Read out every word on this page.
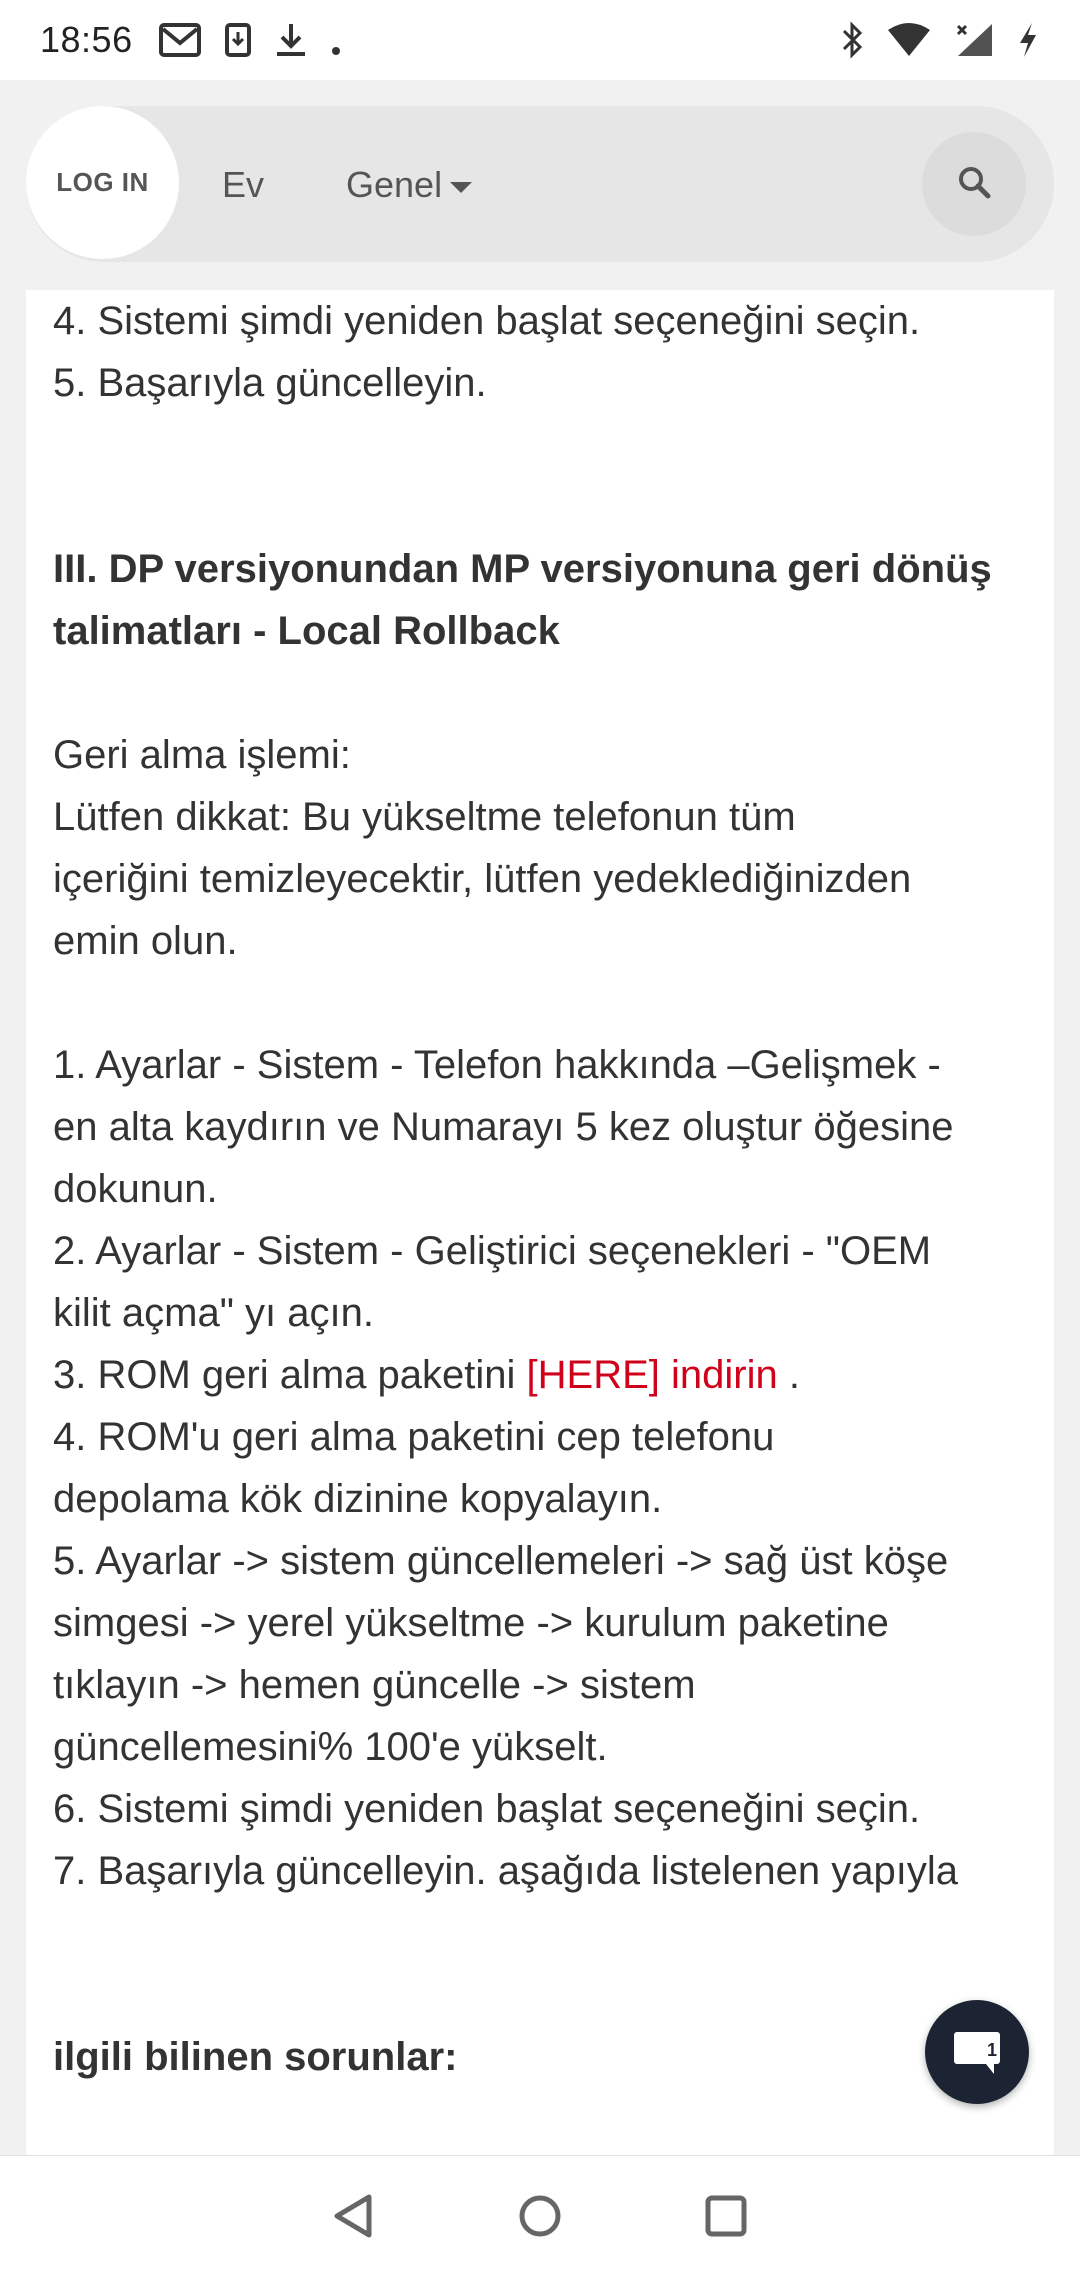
18:56
LOG IN Ev Genel
4. Sistemi şimdi yeniden başlat seçeneğini seçin.
5. Başarıyla güncelleyin.
III. DP versiyonundan MP versiyonuna geri dönüş talimatları - Local Rollback
Geri alma işlemi:
Lütfen dikkat: Bu yükseltme telefonun tüm
içeriğini temizleyecektir, lütfen yedeklediğinizden
emin olun.
1. Ayarlar - Sistem - Telefon hakkında –Gelişmek -
en alta kaydırın ve Numarayı 5 kez oluştur öğesine
dokunun.
2. Ayarlar - Sistem - Geliştirici seçenekleri - "OEM
kilit açma" yı açın.
3. ROM geri alma paketini [HERE] indirin .
4. ROM'u geri alma paketini cep telefonu
depolama kök dizinine kopyalayın.
5. Ayarlar -> sistem güncellemeleri -> sağ üst köşe
simgesi -> yerel yükseltme -> kurulum paketine
tıklayın -> hemen güncelle -> sistem
güncellemesini% 100'e yükselt.
6. Sistemi şimdi yeniden başlat seçeneğini seçin.
7. Başarıyla güncelleyin. aşağıda listelenen yapıyla
ilgili bilinen sorunlar:	1
